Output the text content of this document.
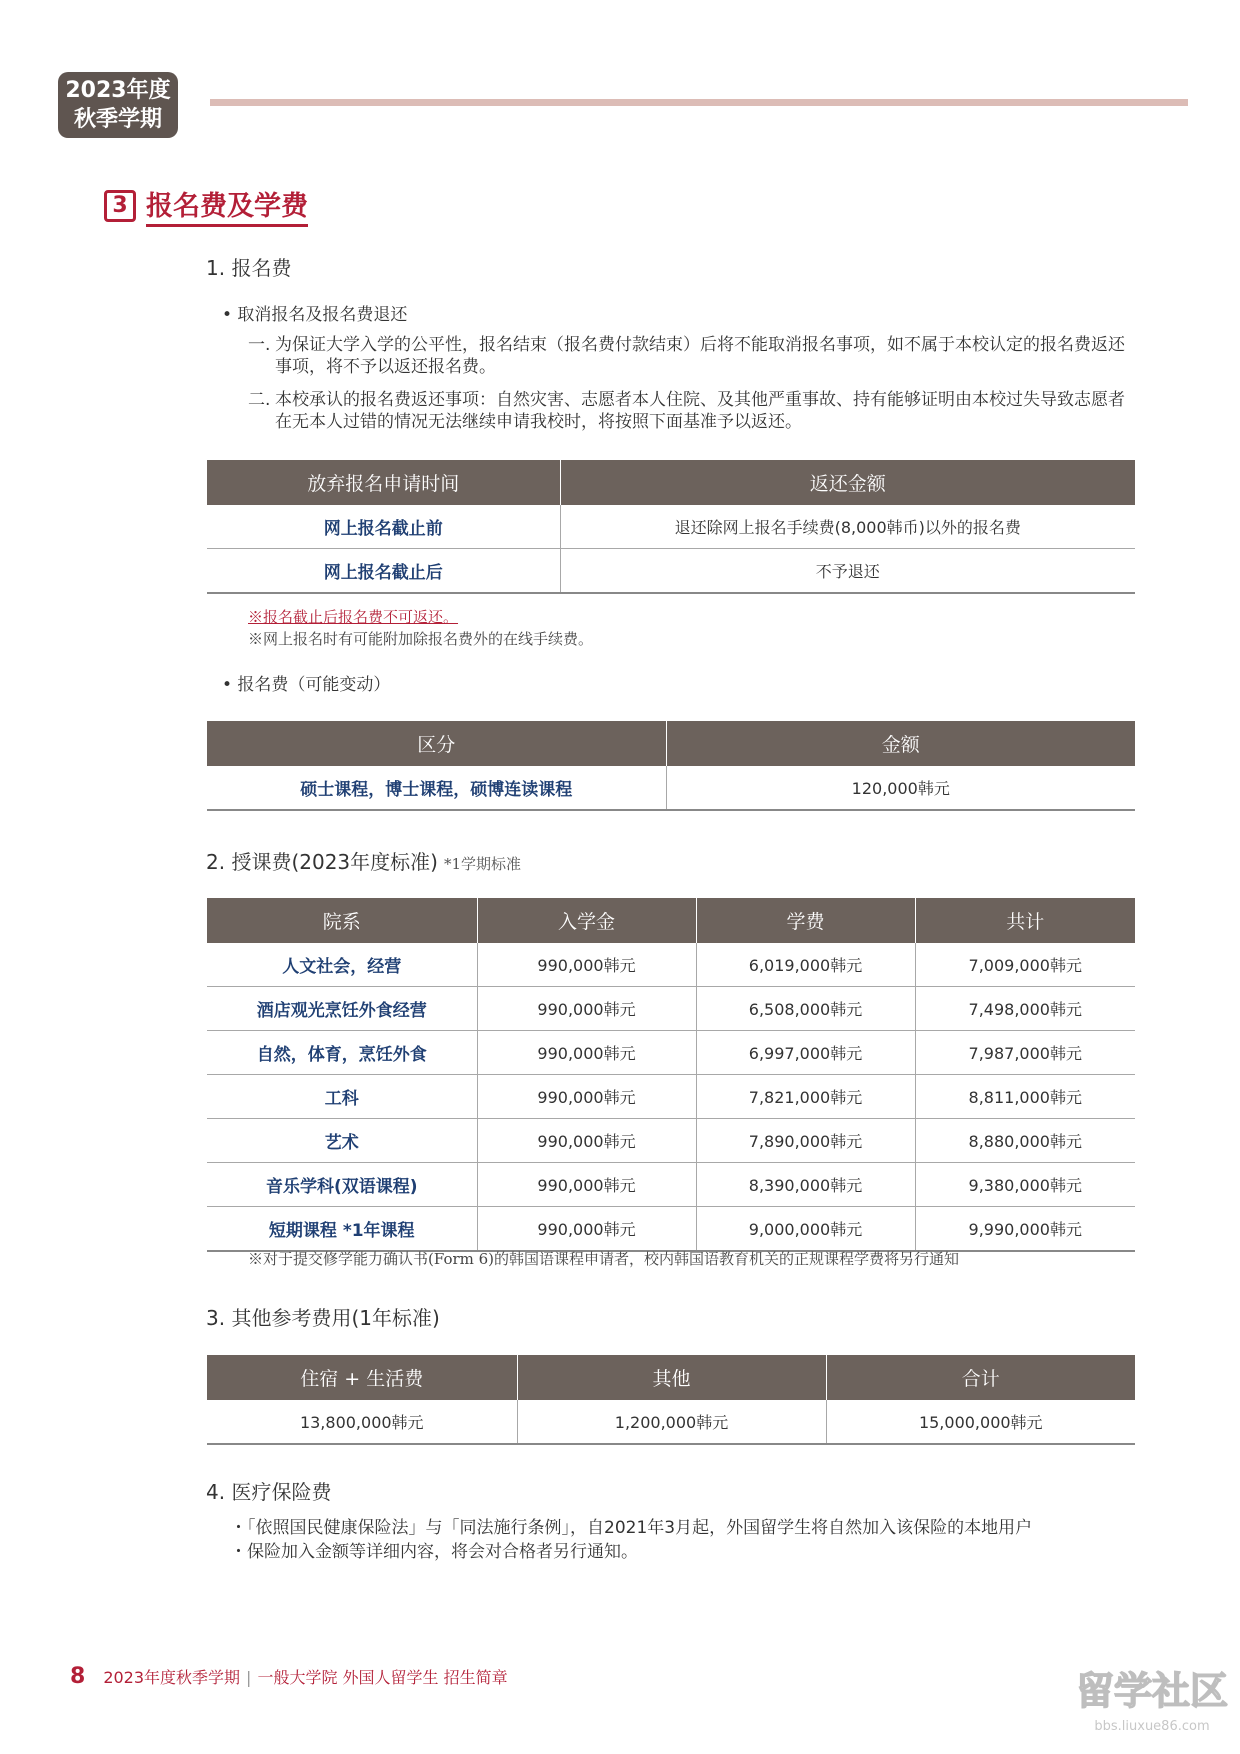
2023年度
秋季学期
3 报名费及学费
1. 报名费
• 取消报名及报名费退还
一. 为保证大学入学的公平性，报名结束（报名费付款结束）后将不能取消报名事项，如不属于本校认定的报名费返还事项，将不予以返还报名费。
二. 本校承认的报名费返还事项：自然灾害、志愿者本人住院、及其他严重事故、持有能够证明由本校过失导致志愿者在无本人过错的情况无法继续申请我校时，将按照下面基准予以返还。
放弃报名申请时间	返还金额
网上报名截止前	退还除网上报名手续费(8,000韩币)以外的报名费
网上报名截止后	不予退还
※报名截止后报名费不可返还。
※网上报名时有可能附加除报名费外的在线手续费。
• 报名费（可能变动）
区分	金额
硕士课程，博士课程，硕博连读课程	120,000韩元
2. 授课费(2023年度标准) *1学期标准
院系	入学金	学费	共计
人文社会，经营	990,000韩元	6,019,000韩元	7,009,000韩元
酒店观光烹饪外食经营	990,000韩元	6,508,000韩元	7,498,000韩元
自然，体育，烹饪外食	990,000韩元	6,997,000韩元	7,987,000韩元
工科	990,000韩元	7,821,000韩元	8,811,000韩元
艺术	990,000韩元	7,890,000韩元	8,880,000韩元
音乐学科(双语课程)	990,000韩元	8,390,000韩元	9,380,000韩元
短期课程 *1年课程	990,000韩元	9,000,000韩元	9,990,000韩元
※对于提交修学能力确认书(Form 6)的韩国语课程申请者，校内韩国语教育机关的正规课程学费将另行通知
3. 其他参考费用(1年标准)
住宿 + 生活费	其他	合计
13,800,000韩元	1,200,000韩元	15,000,000韩元
4. 医疗保险费
・「依照国民健康保险法」与「同法施行条例」，自2021年3月起，外国留学生将自然加入该保险的本地用户
・保险加入金额等详细内容，将会对合格者另行通知。
8 2023年度秋季学期 | 一般大学院 外国人留学生 招生简章	留学社区
bbs.liuxue86.com
